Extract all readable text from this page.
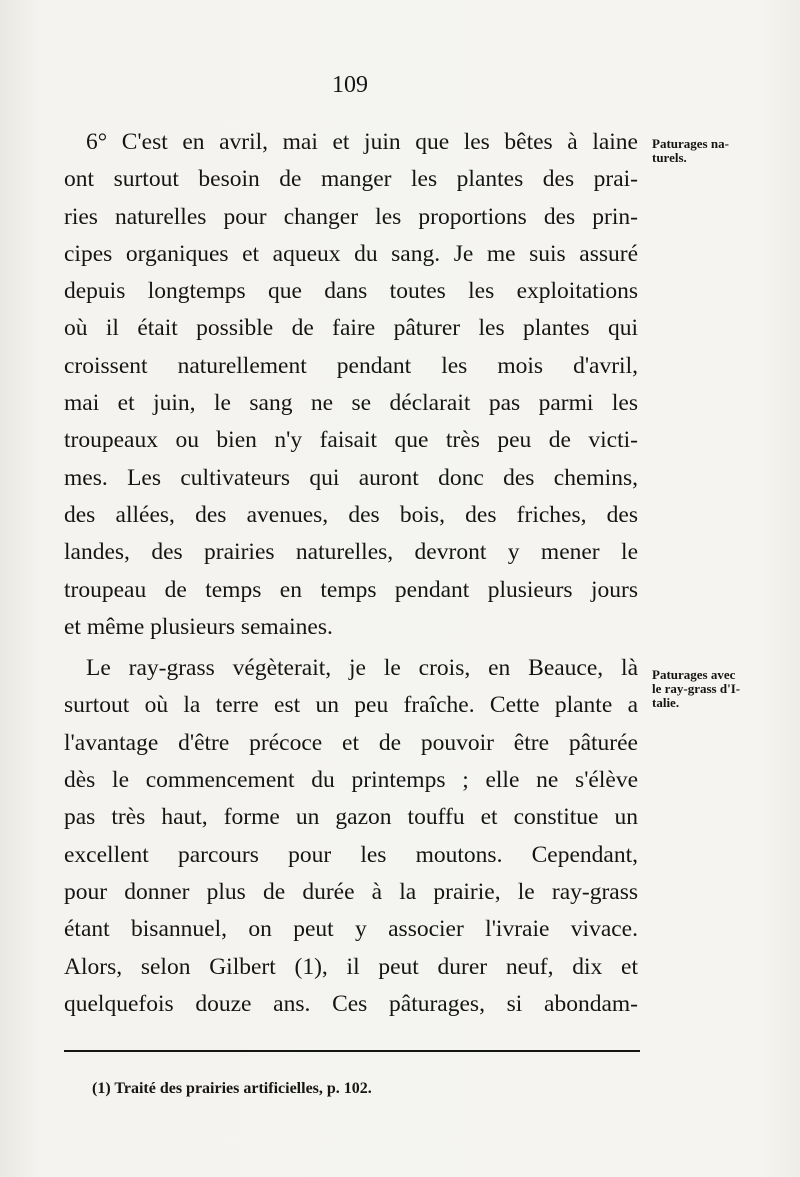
109
6° C'est en avril, mai et juin que les bêtes à laine
ont surtout besoin de manger les plantes des prai-
ries naturelles pour changer les proportions des prin-
cipes organiques et aqueux du sang. Je me suis assuré
depuis longtemps que dans toutes les exploitations
où il était possible de faire pâturer les plantes qui
croissent naturellement pendant les mois d'avril,
mai et juin, le sang ne se déclarait pas parmi les
troupeaux ou bien n'y faisait que très peu de victi-
mes. Les cultivateurs qui auront donc des chemins,
des allées, des avenues, des bois, des friches, des
landes, des prairies naturelles, devront y mener le
troupeau de temps en temps pendant plusieurs jours
et même plusieurs semaines.
Le ray-grass végèterait, je le crois, en Beauce, là
surtout où la terre est un peu fraîche. Cette plante a
l'avantage d'être précoce et de pouvoir être pâturée
dès le commencement du printemps ; elle ne s'élève
pas très haut, forme un gazon touffu et constitue un
excellent parcours pour les moutons. Cependant,
pour donner plus de durée à la prairie, le ray-grass
étant bisannuel, on peut y associer l'ivraie vivace.
Alors, selon Gilbert (1), il peut durer neuf, dix et
quelquefois douze ans. Ces pâturages, si abondam-
Paturages na-
turels.
Paturages avec
le ray-grass d'I-
talie.
(1) Traité des prairies artificielles, p. 102.
